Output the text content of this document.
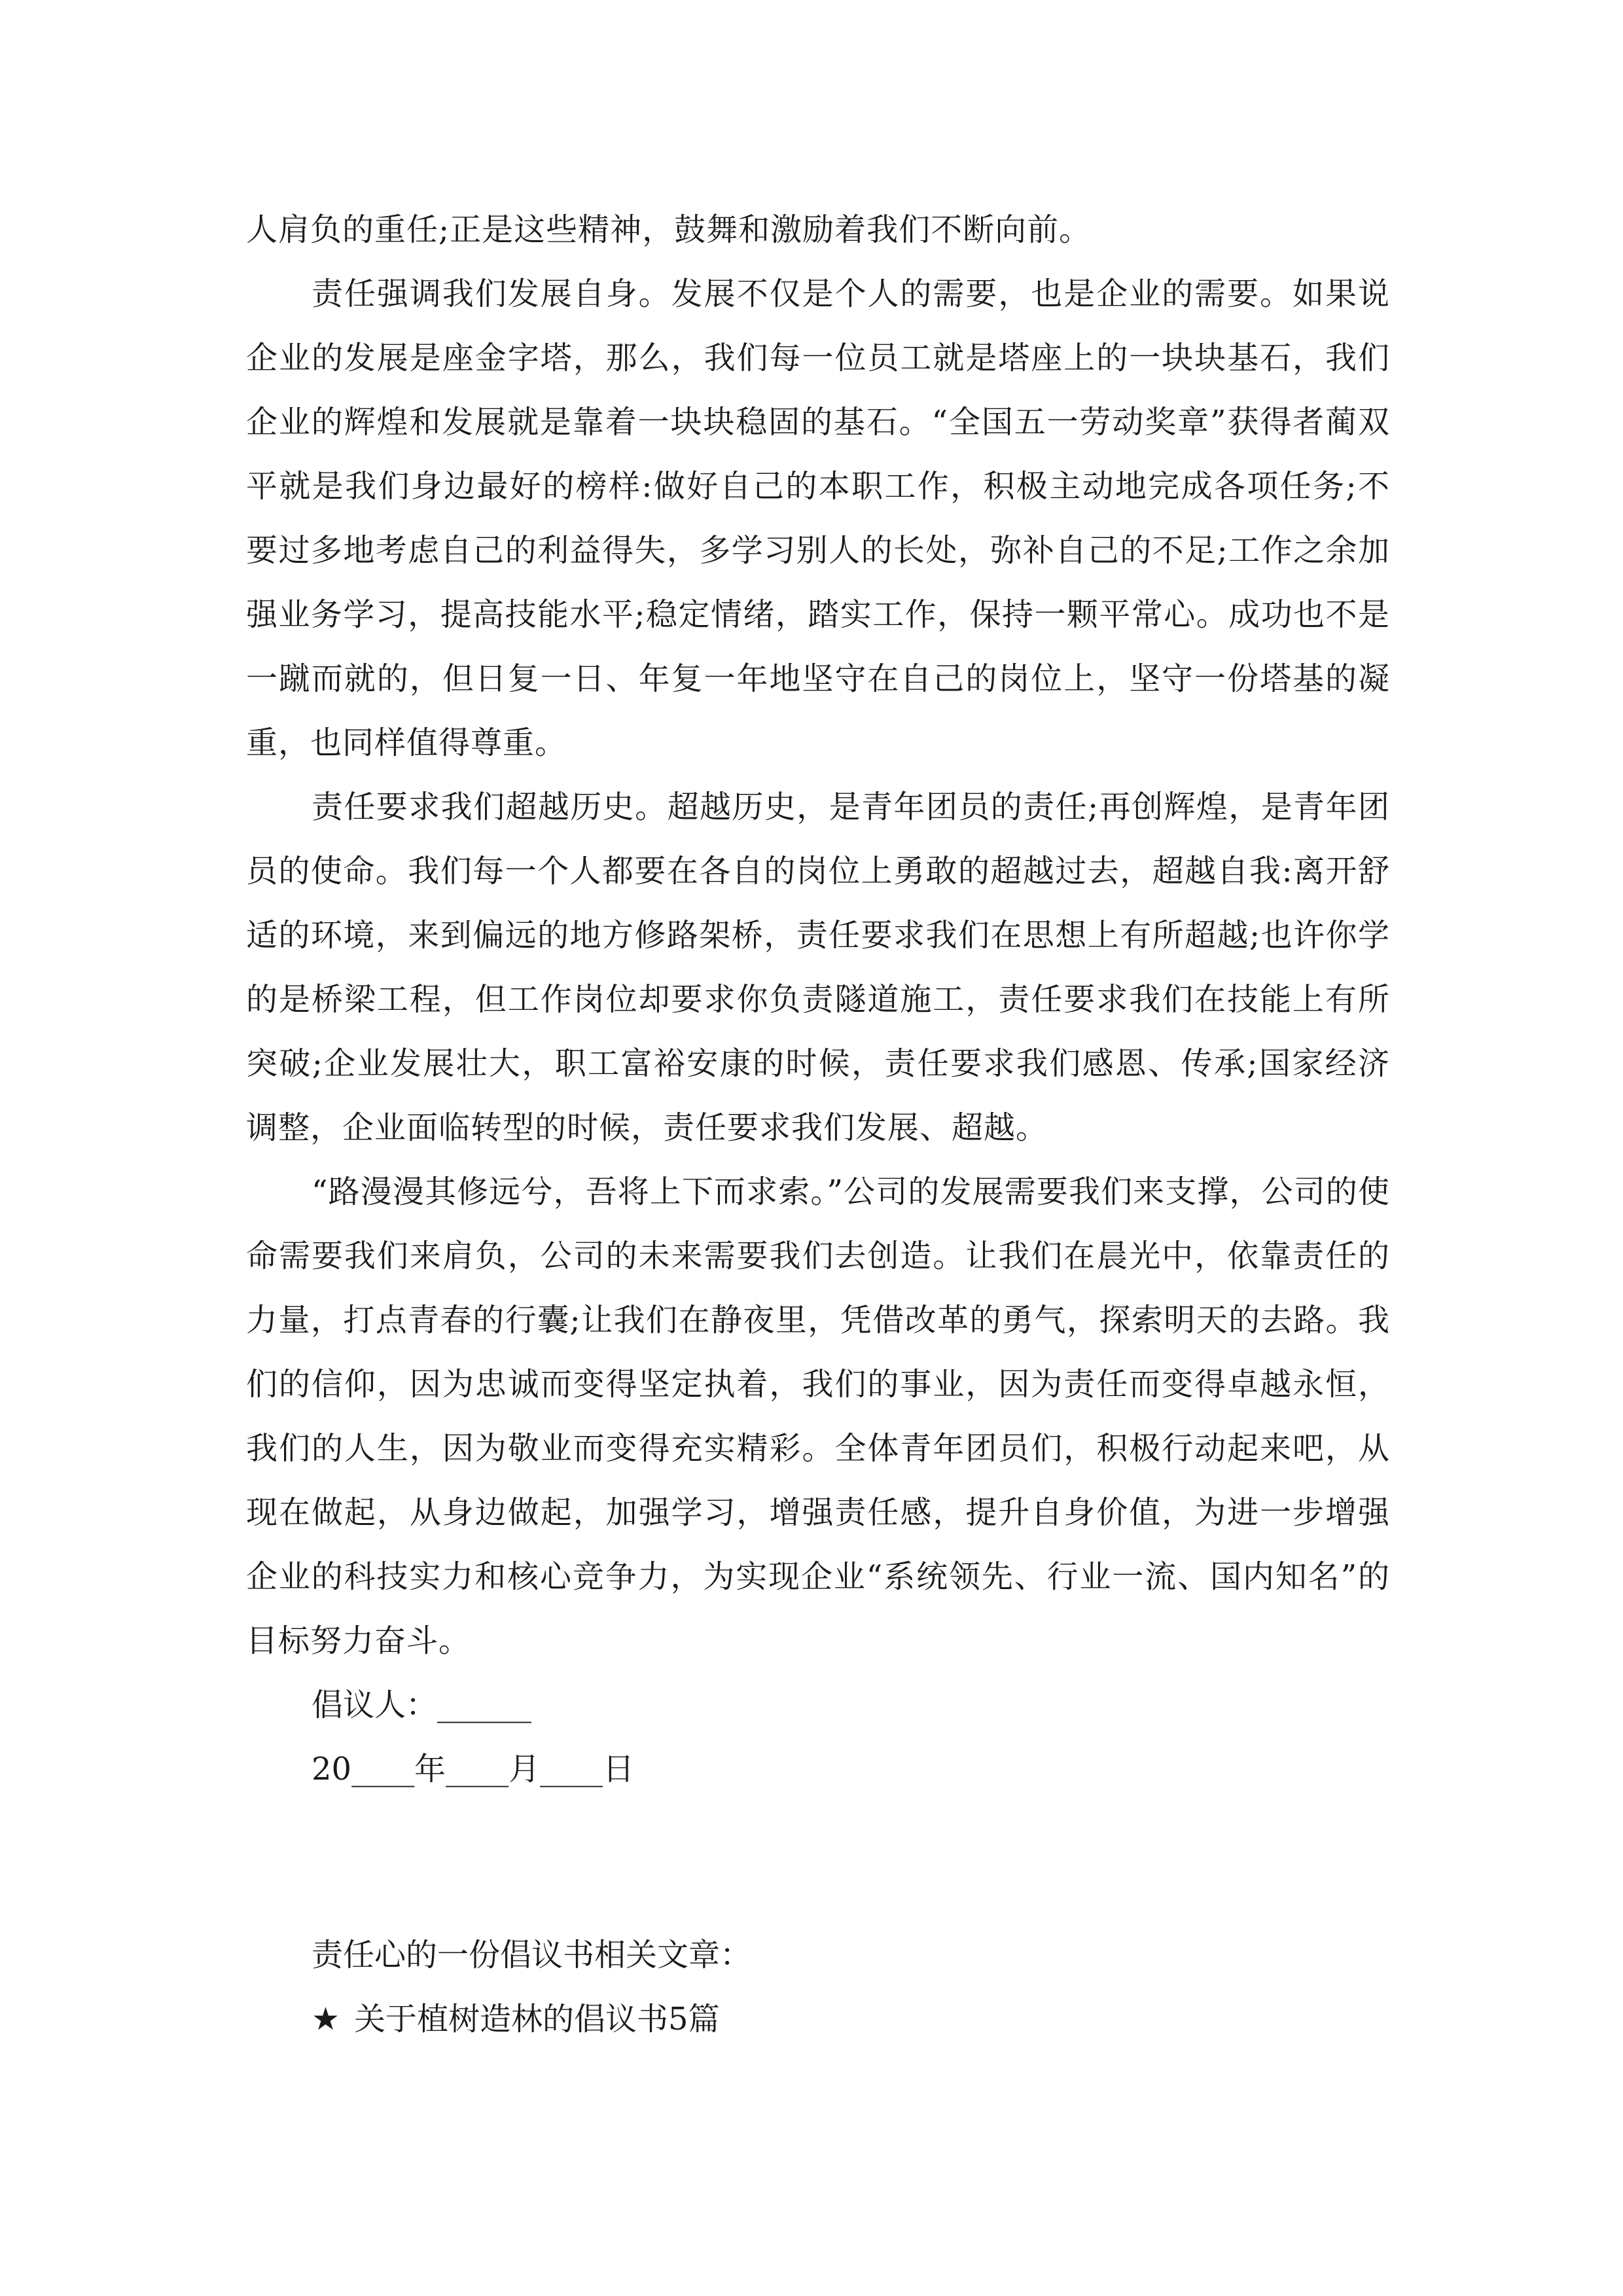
人肩负的重任;正是这些精神，鼓舞和激励着我们不断向前。

责任强调我们发展自身。发展不仅是个人的需要，也是企业的需要。如果说企业的发展是座金字塔，那么，我们每一位员工就是塔座上的一块块基石，我们企业的辉煌和发展就是靠着一块块稳固的基石。“全国五一劳动奖章”获得者蔺双平就是我们身边最好的榜样:做好自己的本职工作，积极主动地完成各项任务;不要过多地考虑自己的利益得失，多学习别人的长处，弥补自己的不足;工作之余加强业务学习，提高技能水平;稳定情绪，踏实工作，保持一颗平常心。成功也不是一蹴而就的，但日复一日、年复一年地坚守在自己的岗位上，坚守一份塔基的凝重，也同样值得尊重。

责任要求我们超越历史。超越历史，是青年团员的责任;再创辉煌，是青年团员的使命。我们每一个人都要在各自的岗位上勇敢的超越过去，超越自我:离开舒适的环境，来到偏远的地方修路架桥，责任要求我们在思想上有所超越;也许你学的是桥梁工程，但工作岗位却要求你负责隧道施工，责任要求我们在技能上有所突破;企业发展壮大，职工富裕安康的时候，责任要求我们感恩、传承;国家经济调整，企业面临转型的时候，责任要求我们发展、超越。

“路漫漫其修远兮，吾将上下而求索。”公司的发展需要我们来支撑，公司的使命需要我们来肩负，公司的未来需要我们去创造。让我们在晨光中，依靠责任的力量，打点青春的行囊;让我们在静夜里，凭借改革的勇气，探索明天的去路。我们的信仰，因为忠诚而变得坚定执着，我们的事业，因为责任而变得卓越永恒，我们的人生，因为敬业而变得充实精彩。全体青年团员们，积极行动起来吧，从现在做起，从身边做起，加强学习，增强责任感，提升自身价值，为进一步增强企业的科技实力和核心竞争力，为实现企业“系统领先、行业一流、国内知名”的目标努力奋斗。

倡议人：______

20____年____月____日

责任心的一份倡议书相关文章：

★ 关于植树造林的倡议书5篇
